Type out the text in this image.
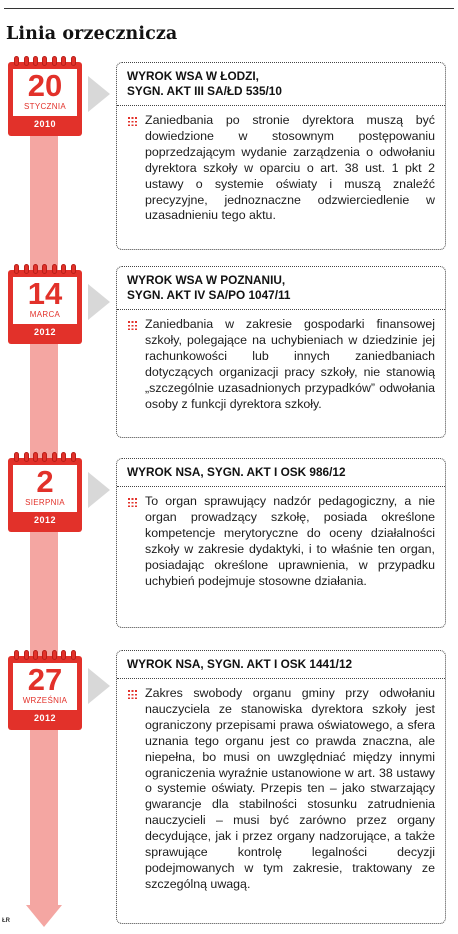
Linia orzecznicza
20
STYCZNIA
2010
WYROK WSA W ŁODZI,
SYGN. AKT III SA/ŁD 535/10
Zaniedbania po stronie dyrektora muszą być dowiedzione w stosownym postępowaniu poprzedzającym wydanie zarządzenia o odwołaniu dyrektora szkoły w oparciu o art. 38 ust. 1 pkt 2 ustawy o systemie oświaty i muszą znaleźć precyzyjne, jednoznaczne odzwierciedlenie w uzasadnieniu tego aktu.
14
MARCA
2012
WYROK WSA W POZNANIU,
SYGN. AKT IV SA/PO 1047/11
Zaniedbania w zakresie gospodarki finansowej szkoły, polegające na uchybieniach w dziedzinie jej rachunkowości lub innych zaniedbaniach dotyczących organizacji pracy szkoły, nie stanowią „szczególnie uzasadnionych przypadków” odwołania osoby z funkcji dyrektora szkoły.
2
SIERPNIA
2012
WYROK NSA, SYGN. AKT I OSK 986/12
To organ sprawujący nadzór pedagogiczny, a nie organ prowadzący szkołę, posiada określone kompetencje merytoryczne do oceny działalności szkoły w zakresie dydaktyki, i to właśnie ten organ, posiadając określone uprawnienia, w przypadku uchybień podejmuje stosowne działania.
27
WRZEŚNIA
2012
WYROK NSA, SYGN. AKT I OSK 1441/12
Zakres swobody organu gminy przy odwołaniu nauczyciela ze stanowiska dyrektora szkoły jest ograniczony przepisami prawa oświatowego, a sfera uznania tego organu jest co prawda znaczna, ale niepełna, bo musi on uwzględniać między innymi ograniczenia wyraźnie ustanowione w art. 38 ustawy o systemie oświaty. Przepis ten – jako stwarzający gwarancje dla stabilności stosunku zatrudnienia nauczycieli – musi być zarówno przez organy decydujące, jak i przez organy nadzorujące, a także sprawujące kontrolę legalności decyzji podejmowanych w tym zakresie, traktowany ze szczególną uwagą.
ŁR
